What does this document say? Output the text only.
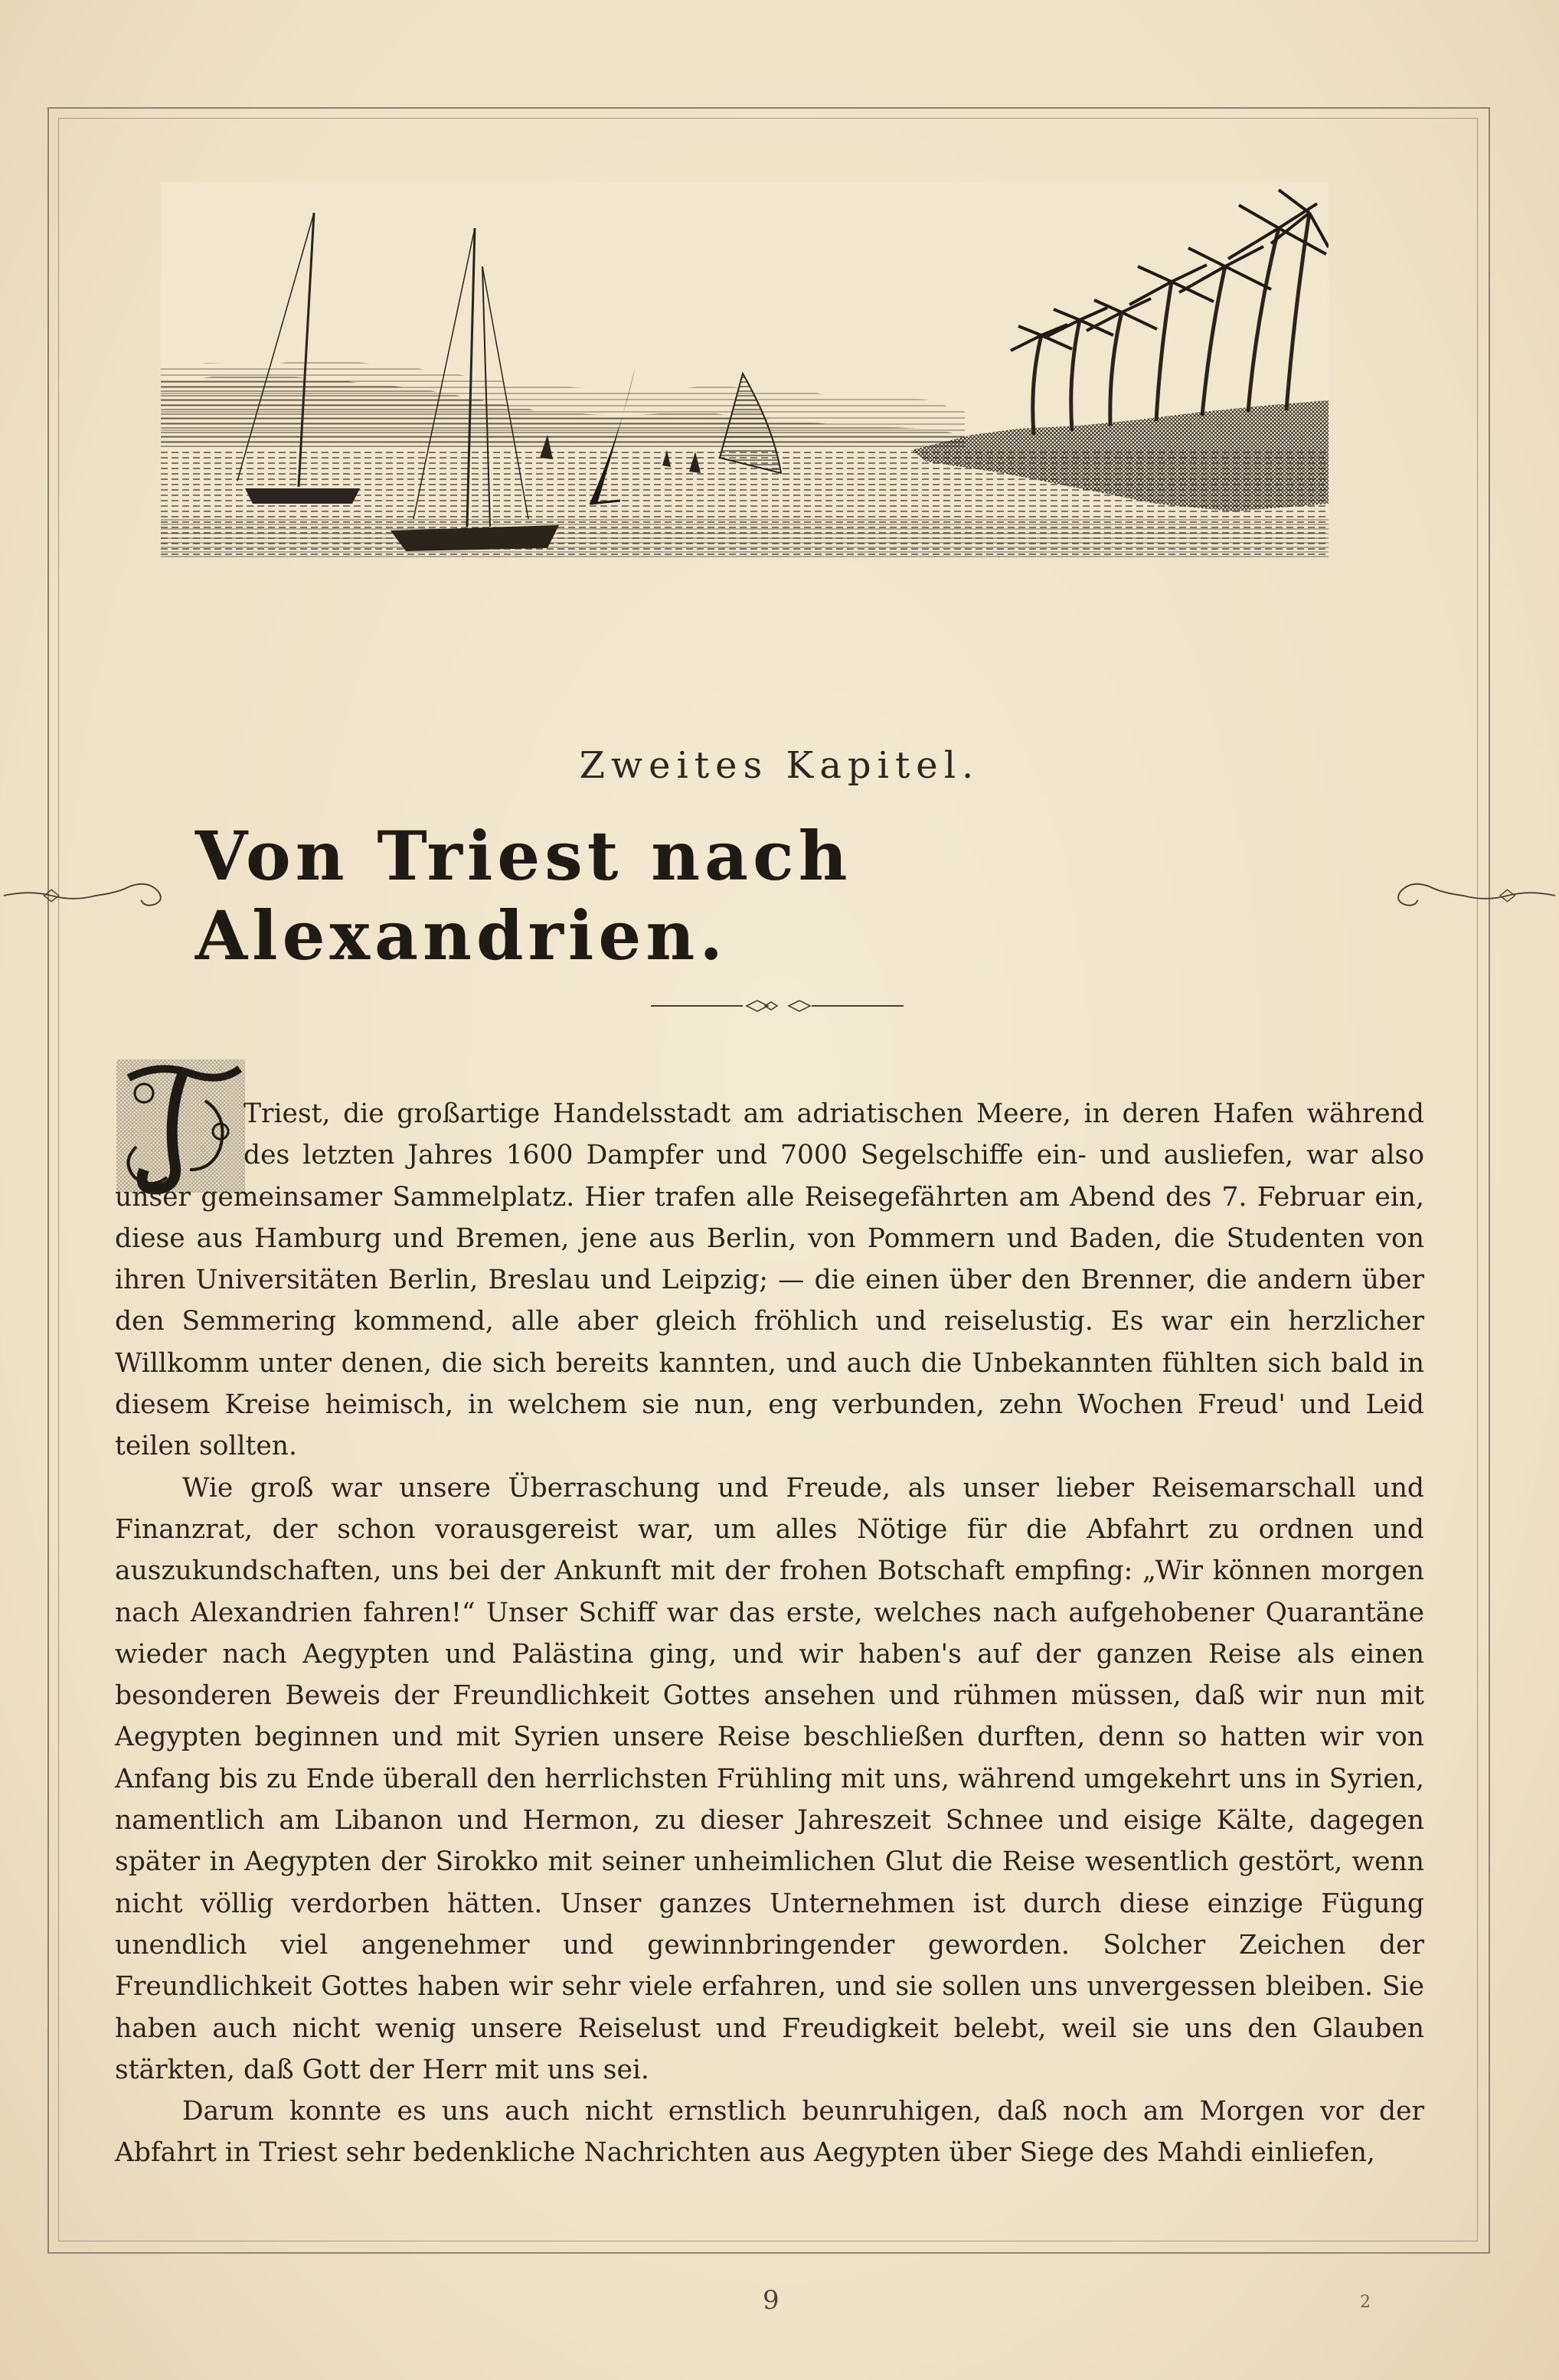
Zweites Kapitel.
Von Triest nach Alexandrien.

Triest, die großartige Handelsstadt am adriatischen Meere, in deren Hafen während des letzten Jahres 1600 Dampfer und 7000 Segelschiffe ein- und ausliefen, war also unser gemeinsamer Sammelplatz. Hier trafen alle Reisegefährten am Abend des 7. Februar ein, diese aus Hamburg und Bremen, jene aus Berlin, von Pommern und Baden, die Studenten von ihren Universitäten Berlin, Breslau und Leipzig; — die einen über den Brenner, die andern über den Semmering kommend, alle aber gleich fröhlich und reiselustig. Es war ein herzlicher Willkomm unter denen, die sich bereits kannten, und auch die Unbekannten fühlten sich bald in diesem Kreise heimisch, in welchem sie nun, eng verbunden, zehn Wochen Freud' und Leid teilen sollten.

Wie groß war unsere Überraschung und Freude, als unser lieber Reisemarschall und Finanzrat, der schon vorausgereist war, um alles Nötige für die Abfahrt zu ordnen und auszukundschaften, uns bei der Ankunft mit der frohen Botschaft empfing: „Wir können morgen nach Alexandrien fahren!“ Unser Schiff war das erste, welches nach aufgehobener Quarantäne wieder nach Aegypten und Palästina ging, und wir haben's auf der ganzen Reise als einen besonderen Beweis der Freundlichkeit Gottes ansehen und rühmen müssen, daß wir nun mit Aegypten beginnen und mit Syrien unsere Reise beschließen durften, denn so hatten wir von Anfang bis zu Ende überall den herrlichsten Frühling mit uns, während umgekehrt uns in Syrien, namentlich am Libanon und Hermon, zu dieser Jahreszeit Schnee und eisige Kälte, dagegen später in Aegypten der Sirokko mit seiner unheimlichen Glut die Reise wesentlich gestört, wenn nicht völlig verdorben hätten. Unser ganzes Unternehmen ist durch diese einzige Fügung unendlich viel angenehmer und gewinnbringender geworden. Solcher Zeichen der Freundlichkeit Gottes haben wir sehr viele erfahren, und sie sollen uns unvergessen bleiben. Sie haben auch nicht wenig unsere Reiselust und Freudigkeit belebt, weil sie uns den Glauben stärkten, daß Gott der Herr mit uns sei.

Darum konnte es uns auch nicht ernstlich beunruhigen, daß noch am Morgen vor der Abfahrt in Triest sehr bedenkliche Nachrichten aus Aegypten über Siege des Mahdi einliefen,

9	2
